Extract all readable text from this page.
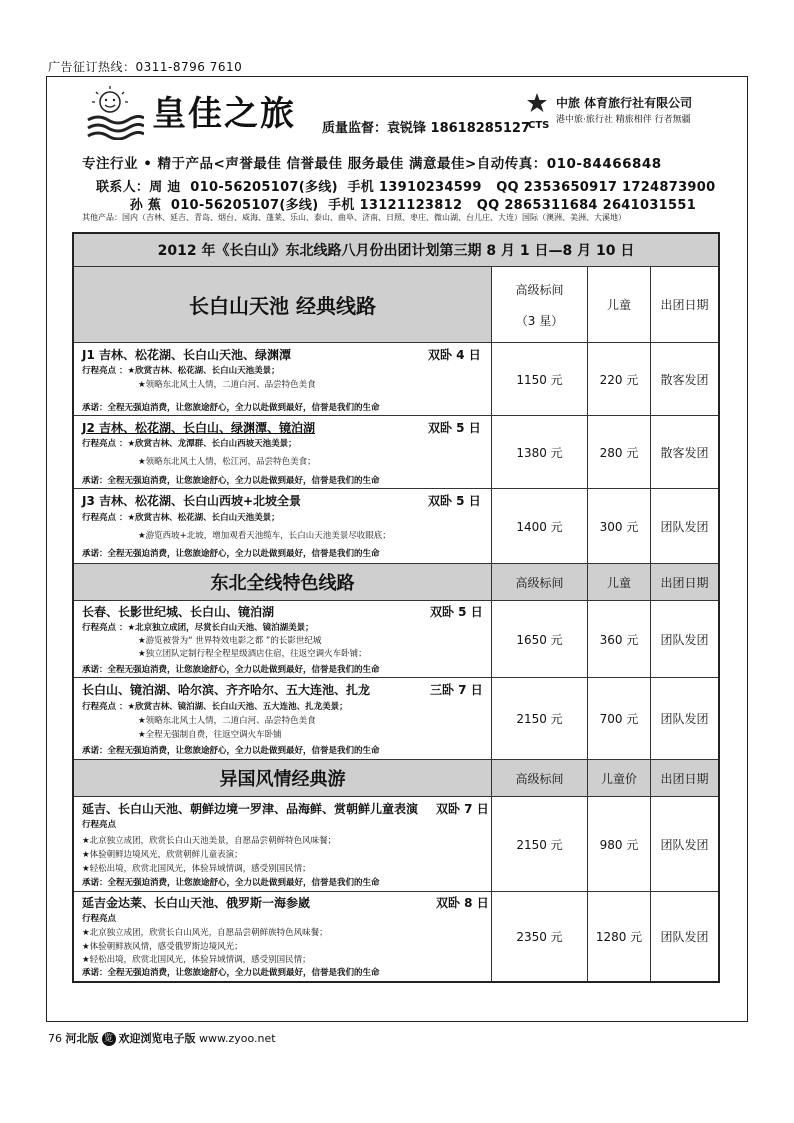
广告征订热线：0311-8796 7610
皇佳之旅 质量监督：袁锐锋 18618285127
CTS
中旅 体育旅行社有限公司
港中旅·旅行社 精旅相伴 行者無疆
专注行业 • 精于产品<声誉最佳 信誉最佳 服务最佳 满意最佳>自动传真：010-84466848
联系人：周 迪  010-56205107(多线)  手机 13910234599   QQ 2353650917 1724873900
孙 蕉  010-56205107(多线)  手机 13121123812   QQ 2865311684 2641031551
其他产品：国内（吉林、延吉、青岛、烟台、威海、蓬莱、乐山、泰山、曲阜、济南、日照、枣庄、微山湖、台儿庄、大连）国际（澳洲、美洲、大溪地）
2012 年《长白山》东北线路八月份出团计划第三期 8 月 1 日—8 月 10 日
长白山天池 经典线路
高级标间
（3 星）
儿童	出团日期
J1 吉林、松花湖、长白山天池、绿渊潭	双卧 4 日
行程亮点 ：★欣赏吉林、松花湖、长白山天池美景；
★领略东北风土人情，二道白河、品尝特色美食
承诺：全程无强迫消费，让您旅途舒心，全力以赴做到最好，信誉是我们的生命
1150 元	220 元	散客发团
J2 吉林、松花湖、长白山、绿渊潭、镜泊湖	双卧 5 日
行程亮点 ：★欣赏吉林、龙潭群、长白山西坡天池美景；
★领略东北风土人情，松江河，品尝特色美食；
承诺：全程无强迫消费，让您旅途舒心，全力以赴做到最好，信誉是我们的生命
1380 元	280 元	散客发团
J3 吉林、松花湖、长白山西坡+北坡全景	双卧 5 日
行程亮点 ：★欣赏吉林、松花湖、长白山天池美景；
★游览西坡+北坡，增加观看天池缆车，长白山天池美景尽收眼底；
承诺：全程无强迫消费，让您旅途舒心，全力以赴做到最好，信誉是我们的生命
1400 元	300 元	团队发团
东北全线特色线路	高级标间	儿童	出团日期
长春、长影世纪城、长白山、镜泊湖	双卧 5 日
行程亮点 ：★北京独立成团，尽赏长白山天池、镜泊湖美景；
★游览被誉为“ 世界特效电影之都 ”的长影世纪城
★独立团队定制行程全程星级酒店住宿，往返空调火车卧铺；
承诺：全程无强迫消费，让您旅途舒心，全力以赴做到最好，信誉是我们的生命
1650 元	360 元	团队发团
长白山、镜泊湖、哈尔滨、齐齐哈尔、五大连池、扎龙	三卧 7 日
行程亮点 ：★欣赏吉林、镜泊湖、长白山天池、五大连池、扎龙美景；
★领略东北风土人情，二道白河、品尝特色美食
★全程无强制自费，往返空调火车卧铺
承诺：全程无强迫消费，让您旅途舒心，全力以赴做到最好，信誉是我们的生命
2150 元	700 元	团队发团
异国风情经典游	高级标间	儿童价	出团日期
延吉、长白山天池、朝鲜边境一罗津、品海鲜、赏朝鲜儿童表演 双卧 7 日
行程亮点
★北京独立成团，欣赏长白山天池美景，自愿品尝朝鲜特色风味餐；
★体验朝鲜边境风光，欣赏朝鲜儿童表演；
★轻松出境，欣赏北国风光，体验异域情调，感受别国民情；
承诺：全程无强迫消费，让您旅途舒心，全力以赴做到最好，信誉是我们的生命
2150 元	980 元	团队发团
延吉金达莱、长白山天池、俄罗斯一海参崴	双卧 8 日
行程亮点
★北京独立成团，欣赏长白山风光，自愿品尝朝鲜族特色风味餐；
★体验朝鲜族风情，感受俄罗斯边境风光；
★轻松出境，欣赏北国风光，体验异域情调，感受别国民情；
承诺：全程无强迫消费，让您旅途舒心，全力以赴做到最好，信誉是我们的生命
2350 元	1280 元	团队发团
76 河北版 览 欢迎浏览电子版 www.zyoo.net
